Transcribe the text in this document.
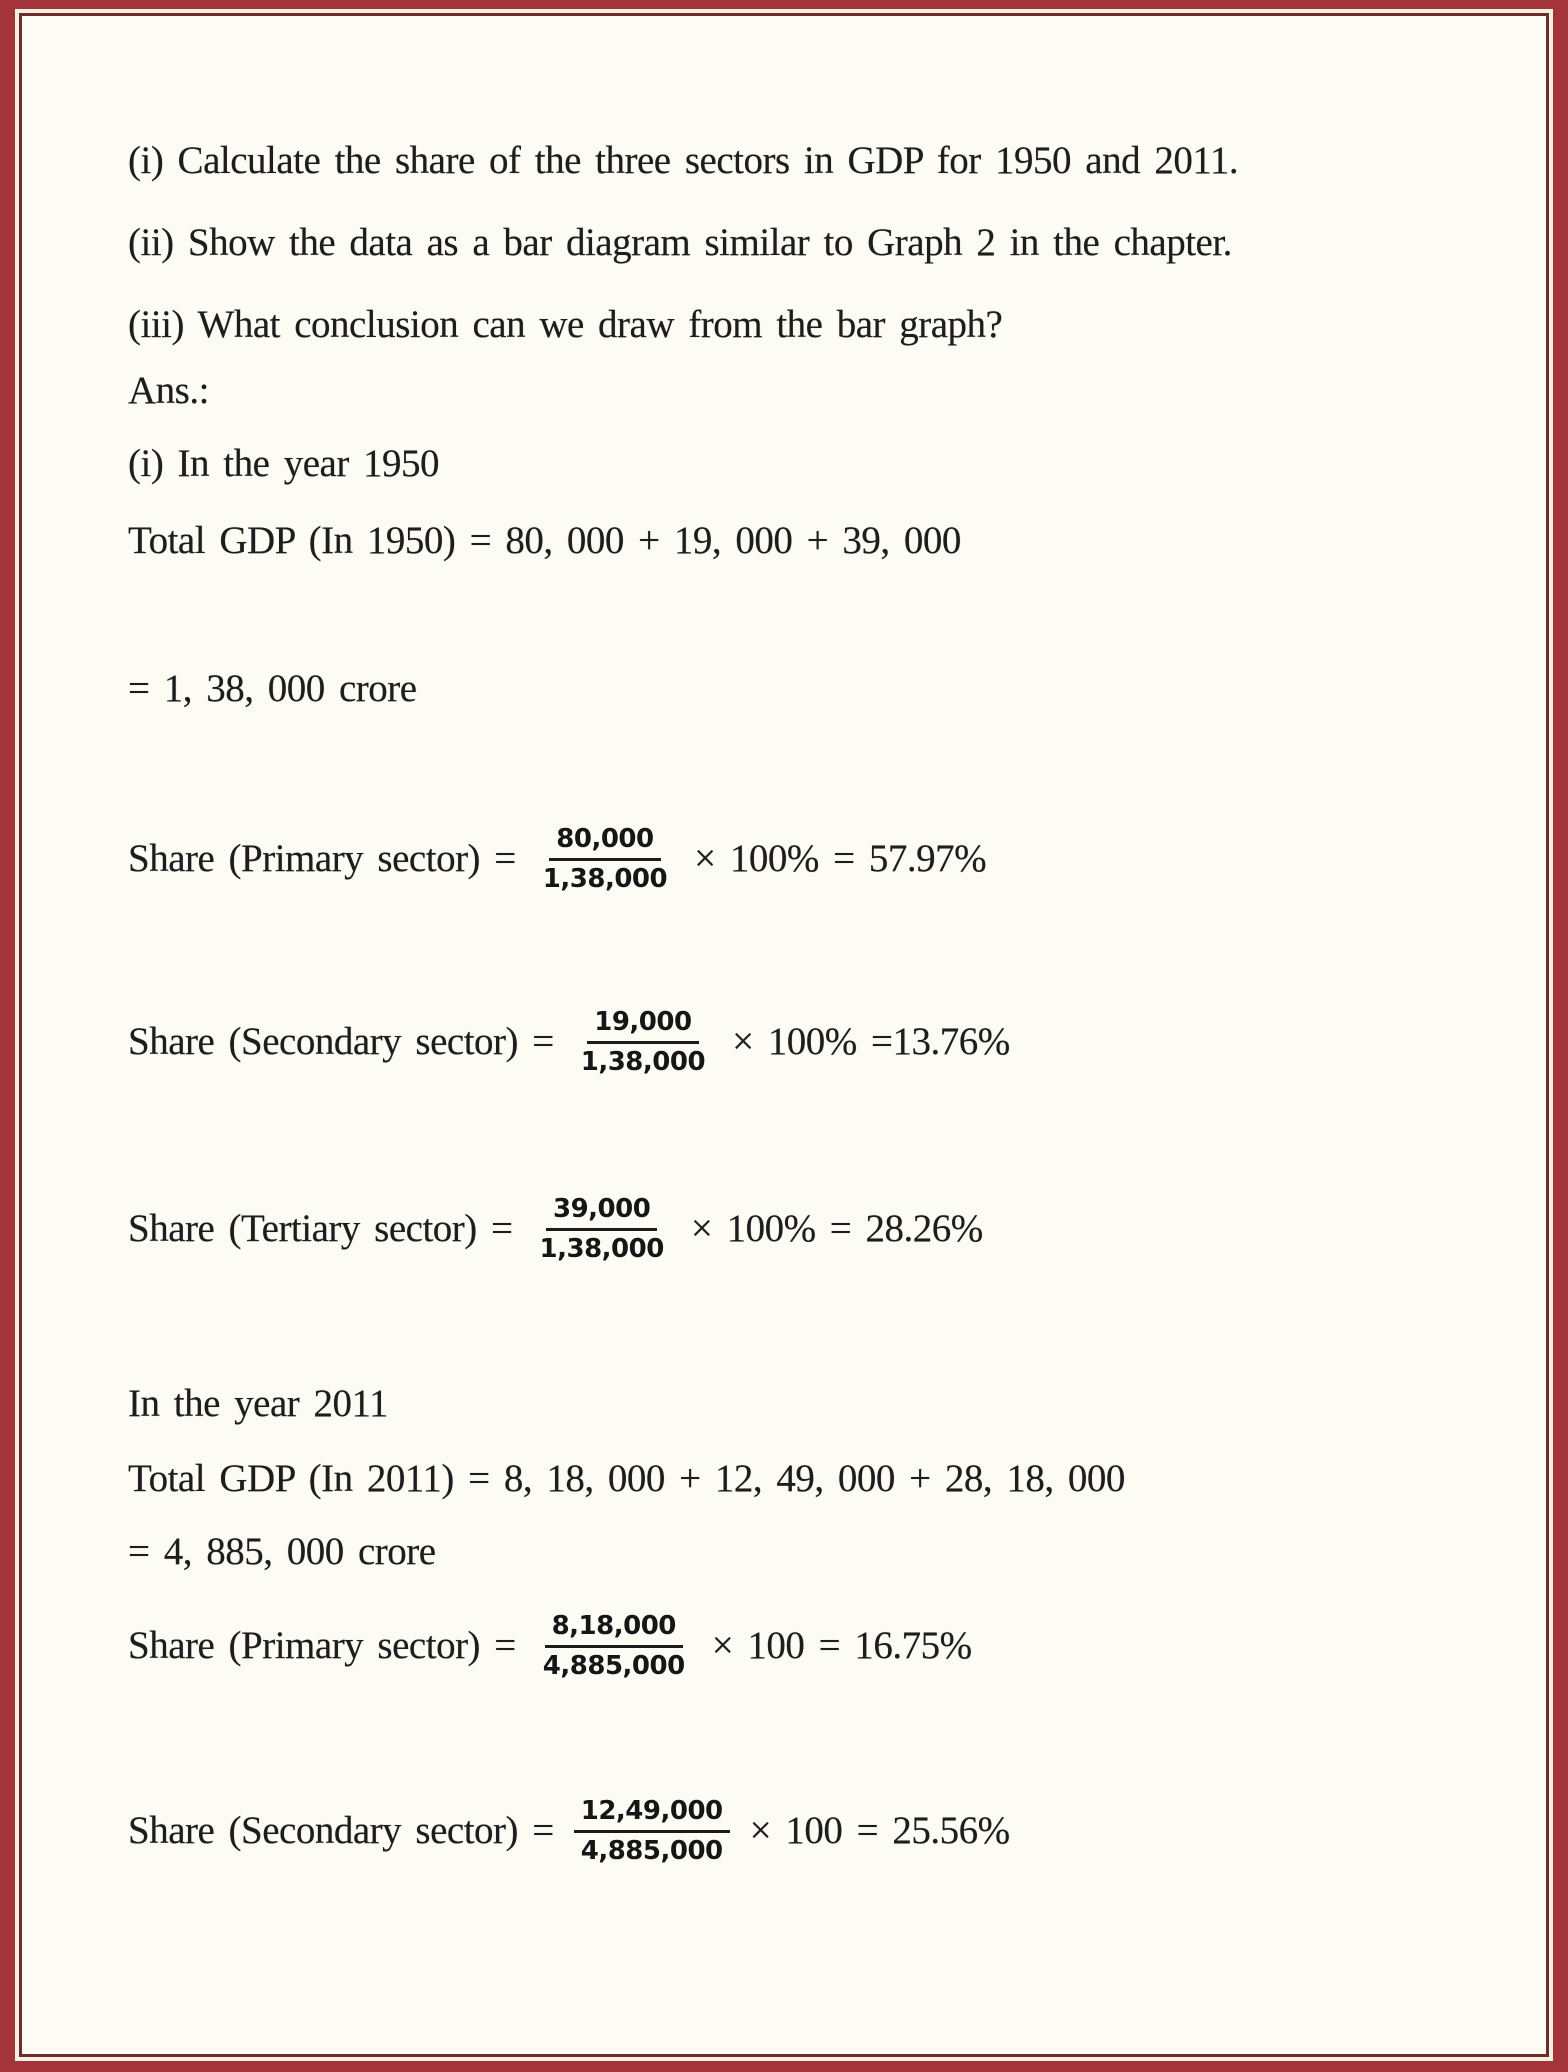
(i) Calculate the share of the three sectors in GDP for 1950 and 2011.
(ii) Show the data as a bar diagram similar to Graph 2 in the chapter.
(iii) What conclusion can we draw from the bar graph?
Ans.:
(i) In the year 1950
Total GDP (In 1950) = 80, 000 + 19, 000 + 39, 000
= 1, 38, 000 crore
Share (Primary sector) = $\frac{80,000}{1,38,000} \times 100\% = 57.97\%$
Share (Secondary sector) = $\frac{19,000}{1,38,000} \times 100\% =13.76\%$
Share (Tertiary sector) = $\frac{39,000}{1,38,000} \times 100\% = 28.26\%$
In the year 2011
Total GDP (In 2011) = 8, 18, 000 + 12, 49, 000 + 28, 18, 000
= 4, 885, 000 crore
Share (Primary sector) = $\frac{8,18,000}{4,885,000} \times 100 = 16.75\%$
Share (Secondary sector) = $\frac{12,49,000}{4,885,000} \times 100 = 25.56\%$
